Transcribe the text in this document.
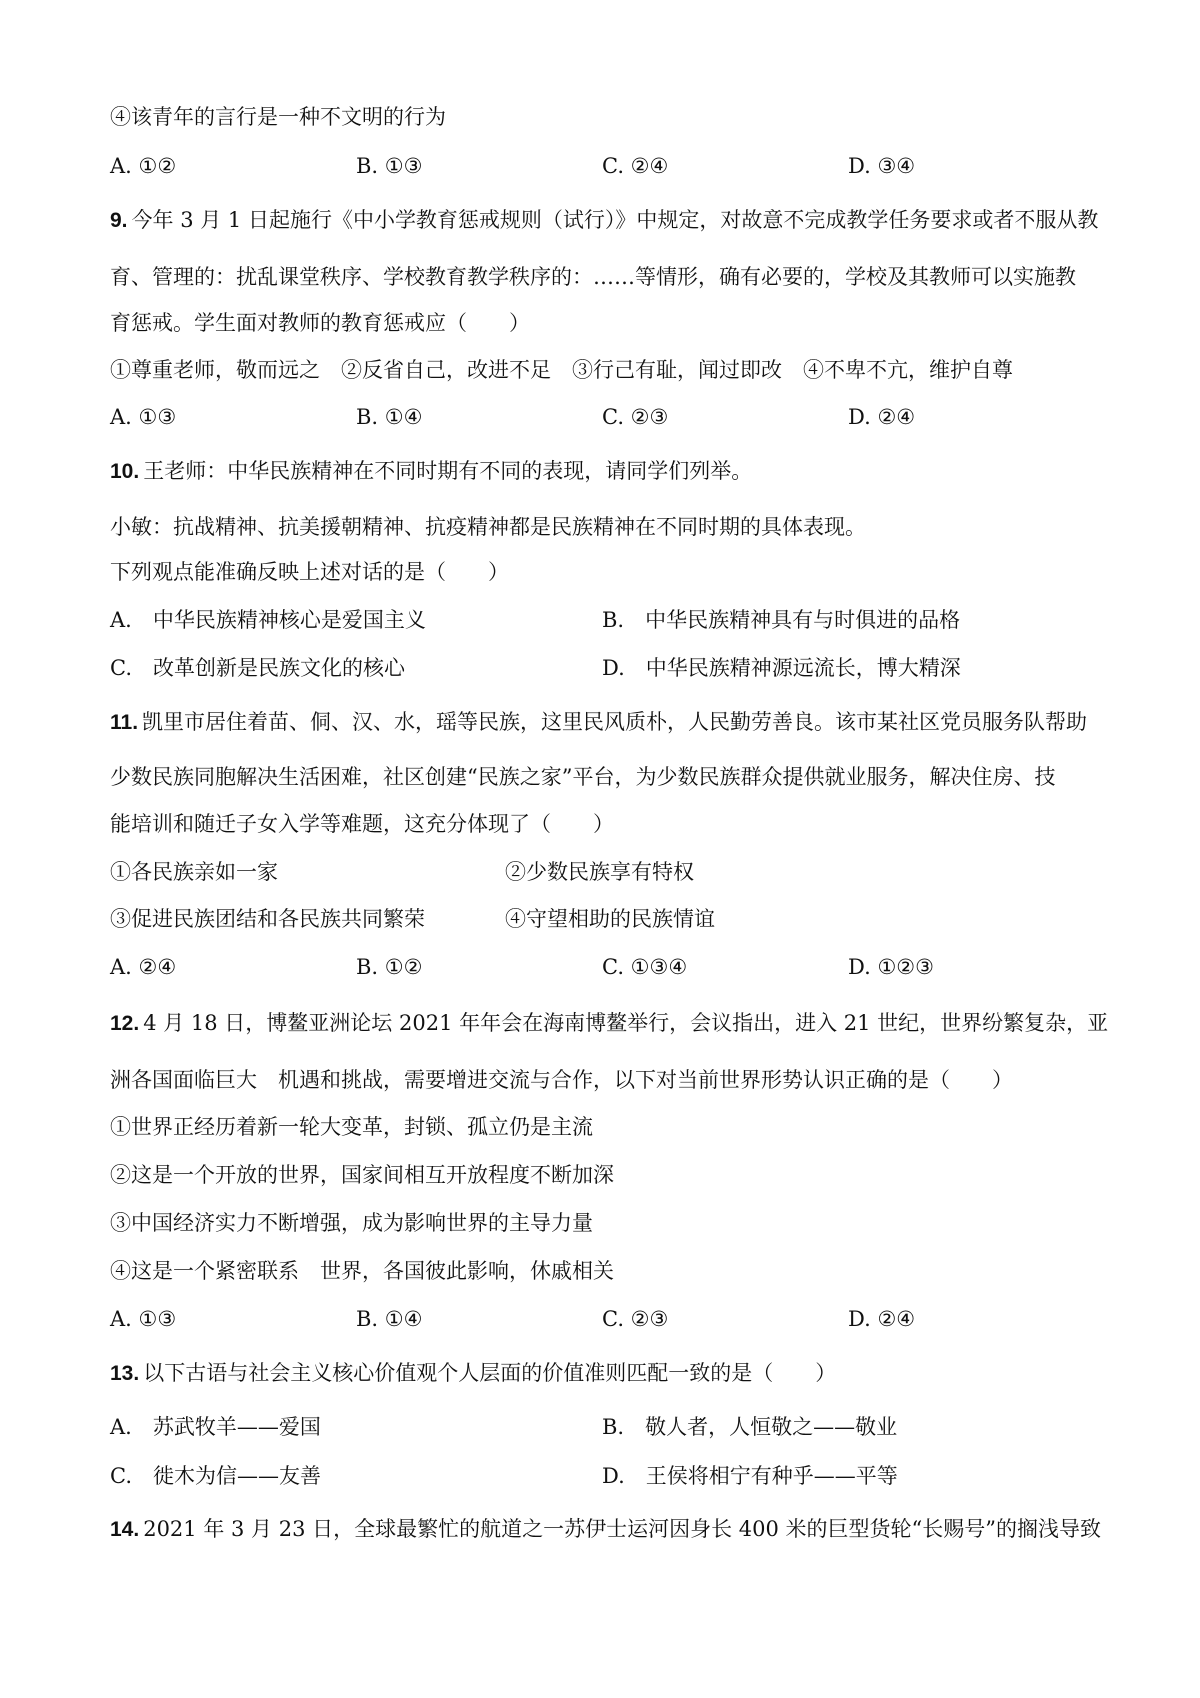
④该青年的言行是一种不文明的行为
A. ①②	B. ①③	C. ②④	D. ③④
9. 今年 3 月 1 日起施行《中小学教育惩戒规则（试行）》中规定，对故意不完成教学任务要求或者不服从教
育、管理的：扰乱课堂秩序、学校教育教学秩序的：……等情形，确有必要的，学校及其教师可以实施教
育惩戒。学生面对教师的教育惩戒应（　　）
①尊重老师，敬而远之　②反省自己，改进不足　③行己有耻，闻过即改　④不卑不亢，维护自尊
A. ①③	B. ①④	C. ②③	D. ②④
10. 王老师：中华民族精神在不同时期有不同的表现，请同学们列举。
小敏：抗战精神、抗美援朝精神、抗疫精神都是民族精神在不同时期的具体表现。
下列观点能准确反映上述对话的是（　　）
A.　中华民族精神核心是爱国主义	B.　中华民族精神具有与时俱进的品格
C.　改革创新是民族文化的核心	D.　中华民族精神源远流长，博大精深
11. 凯里市居住着苗、侗、汉、水，瑶等民族，这里民风质朴，人民勤劳善良。该市某社区党员服务队帮助
少数民族同胞解决生活困难，社区创建“民族之家”平台，为少数民族群众提供就业服务，解决住房、技
能培训和随迁子女入学等难题，这充分体现了（　　）
①各民族亲如一家	②少数民族享有特权
③促进民族团结和各民族共同繁荣	④守望相助的民族情谊
A. ②④	B. ①②	C. ①③④	D. ①②③
12. 4 月 18 日，博鳌亚洲论坛 2021 年年会在海南博鳌举行，会议指出，进入 21 世纪，世界纷繁复杂，亚
洲各国面临巨大　机遇和挑战，需要增进交流与合作，以下对当前世界形势认识正确的是（　　）
①世界正经历着新一轮大变革，封锁、孤立仍是主流
②这是一个开放的世界，国家间相互开放程度不断加深
③中国经济实力不断增强，成为影响世界的主导力量
④这是一个紧密联系　世界，各国彼此影响，休戚相关
A. ①③	B. ①④	C. ②③	D. ②④
13. 以下古语与社会主义核心价值观个人层面的价值准则匹配一致的是（　　）
A.　苏武牧羊——爱国	B.　敬人者，人恒敬之——敬业
C.　徙木为信——友善	D.　王侯将相宁有种乎——平等
14. 2021 年 3 月 23 日，全球最繁忙的航道之一苏伊士运河因身长 400 米的巨型货轮“长赐号”的搁浅导致
